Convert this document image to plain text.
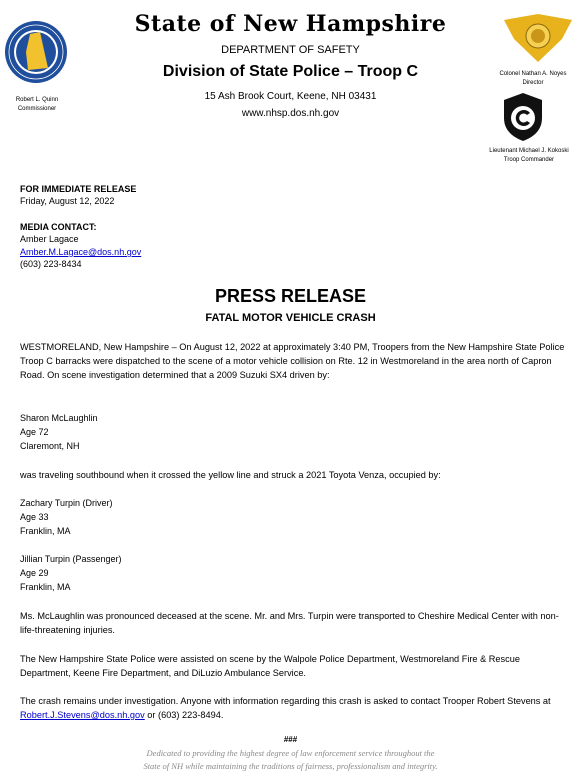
Robert L. Quinn
Commissioner
State of New Hampshire
DEPARTMENT OF SAFETY
Division of State Police – Troop C
15 Ash Brook Court, Keene, NH 03431
www.nhsp.dos.nh.gov
Colonel Nathan A. Noyes
Director
Lieutenant Michael J. Kokoski
Troop Commander
FOR IMMEDIATE RELEASE
Friday, August 12, 2022
MEDIA CONTACT:
Amber Lagace
Amber.M.Lagace@dos.nh.gov
(603) 223-8434
PRESS RELEASE
FATAL MOTOR VEHICLE CRASH
WESTMORELAND, New Hampshire – On August 12, 2022 at approximately 3:40 PM, Troopers from the New Hampshire State Police Troop C barracks were dispatched to the scene of a motor vehicle collision on Rte. 12 in Westmoreland in the area north of Capron Road. On scene investigation determined that a 2009 Suzuki SX4 driven by:
Sharon McLaughlin
Age 72
Claremont, NH
was traveling southbound when it crossed the yellow line and struck a 2021 Toyota Venza, occupied by:
Zachary Turpin (Driver)
Age 33
Franklin, MA
Jillian Turpin (Passenger)
Age 29
Franklin, MA
Ms. McLaughlin was pronounced deceased at the scene. Mr. and Mrs. Turpin were transported to Cheshire Medical Center with non-life-threatening injuries.
The New Hampshire State Police were assisted on scene by the Walpole Police Department, Westmoreland Fire & Rescue Department, Keene Fire Department, and DiLuzio Ambulance Service.
The crash remains under investigation. Anyone with information regarding this crash is asked to contact Trooper Robert Stevens at Robert.J.Stevens@dos.nh.gov or (603) 223-8494.
###
Dedicated to providing the highest degree of law enforcement service throughout the
State of NH while maintaining the traditions of fairness, professionalism and integrity.
